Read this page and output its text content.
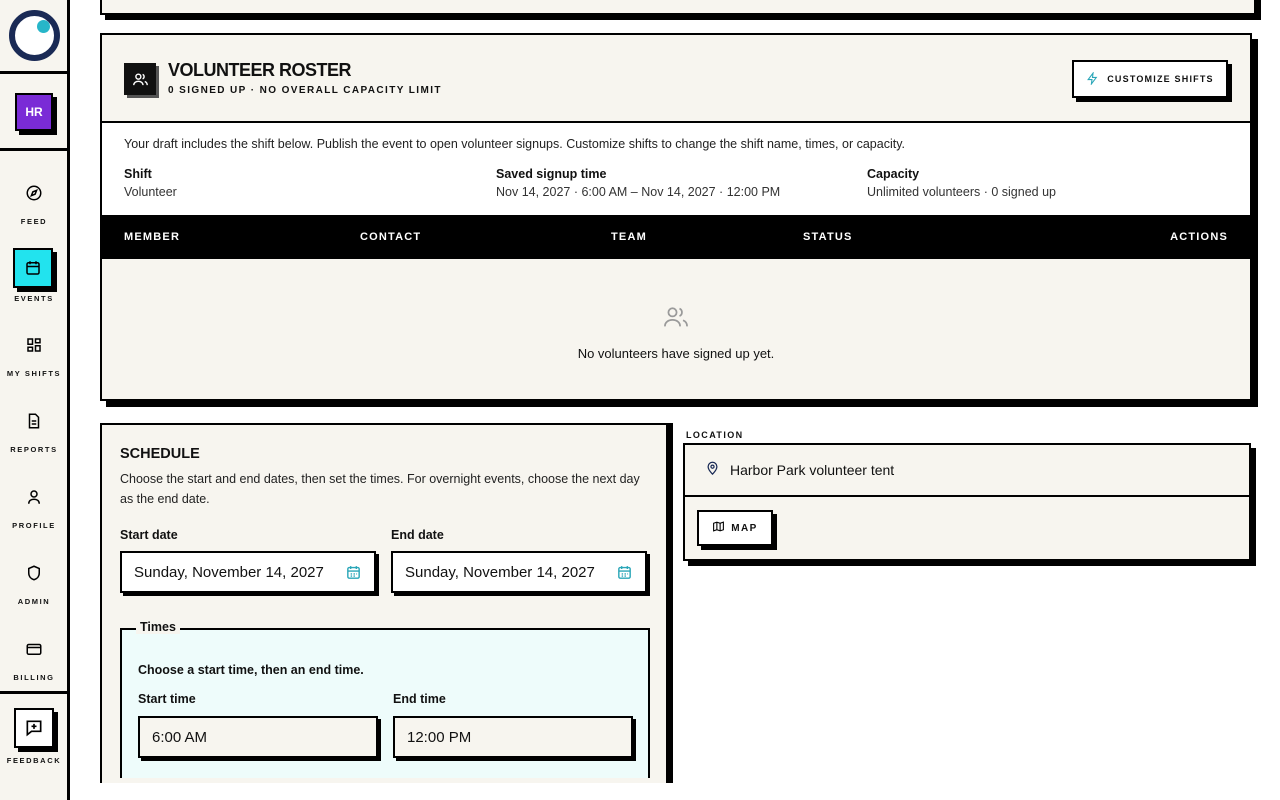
HR
FEED
EVENTS
MY SHIFTS
REPORTS
PROFILE
ADMIN
BILLING
FEEDBACK
VOLUNTEER ROSTER
0 SIGNED UP · NO OVERALL CAPACITY LIMIT
CUSTOMIZE SHIFTS
Your draft includes the shift below. Publish the event to open volunteer signups. Customize shifts to change the shift name, times, or capacity.
Shift
Volunteer
Saved signup time
Nov 14, 2027 · 6:00 AM – Nov 14, 2027 · 12:00 PM
Capacity
Unlimited volunteers · 0 signed up
MEMBER	CONTACT	TEAM	STATUS	ACTIONS
No volunteers have signed up yet.
SCHEDULE
Choose the start and end dates, then set the times. For overnight events, choose the next day as the end date.
Start date
Sunday, November 14, 2027
End date
Sunday, November 14, 2027
Times
Choose a start time, then an end time.
Start time
6:00 AM
End time
12:00 PM
LOCATION
Harbor Park volunteer tent
MAP
